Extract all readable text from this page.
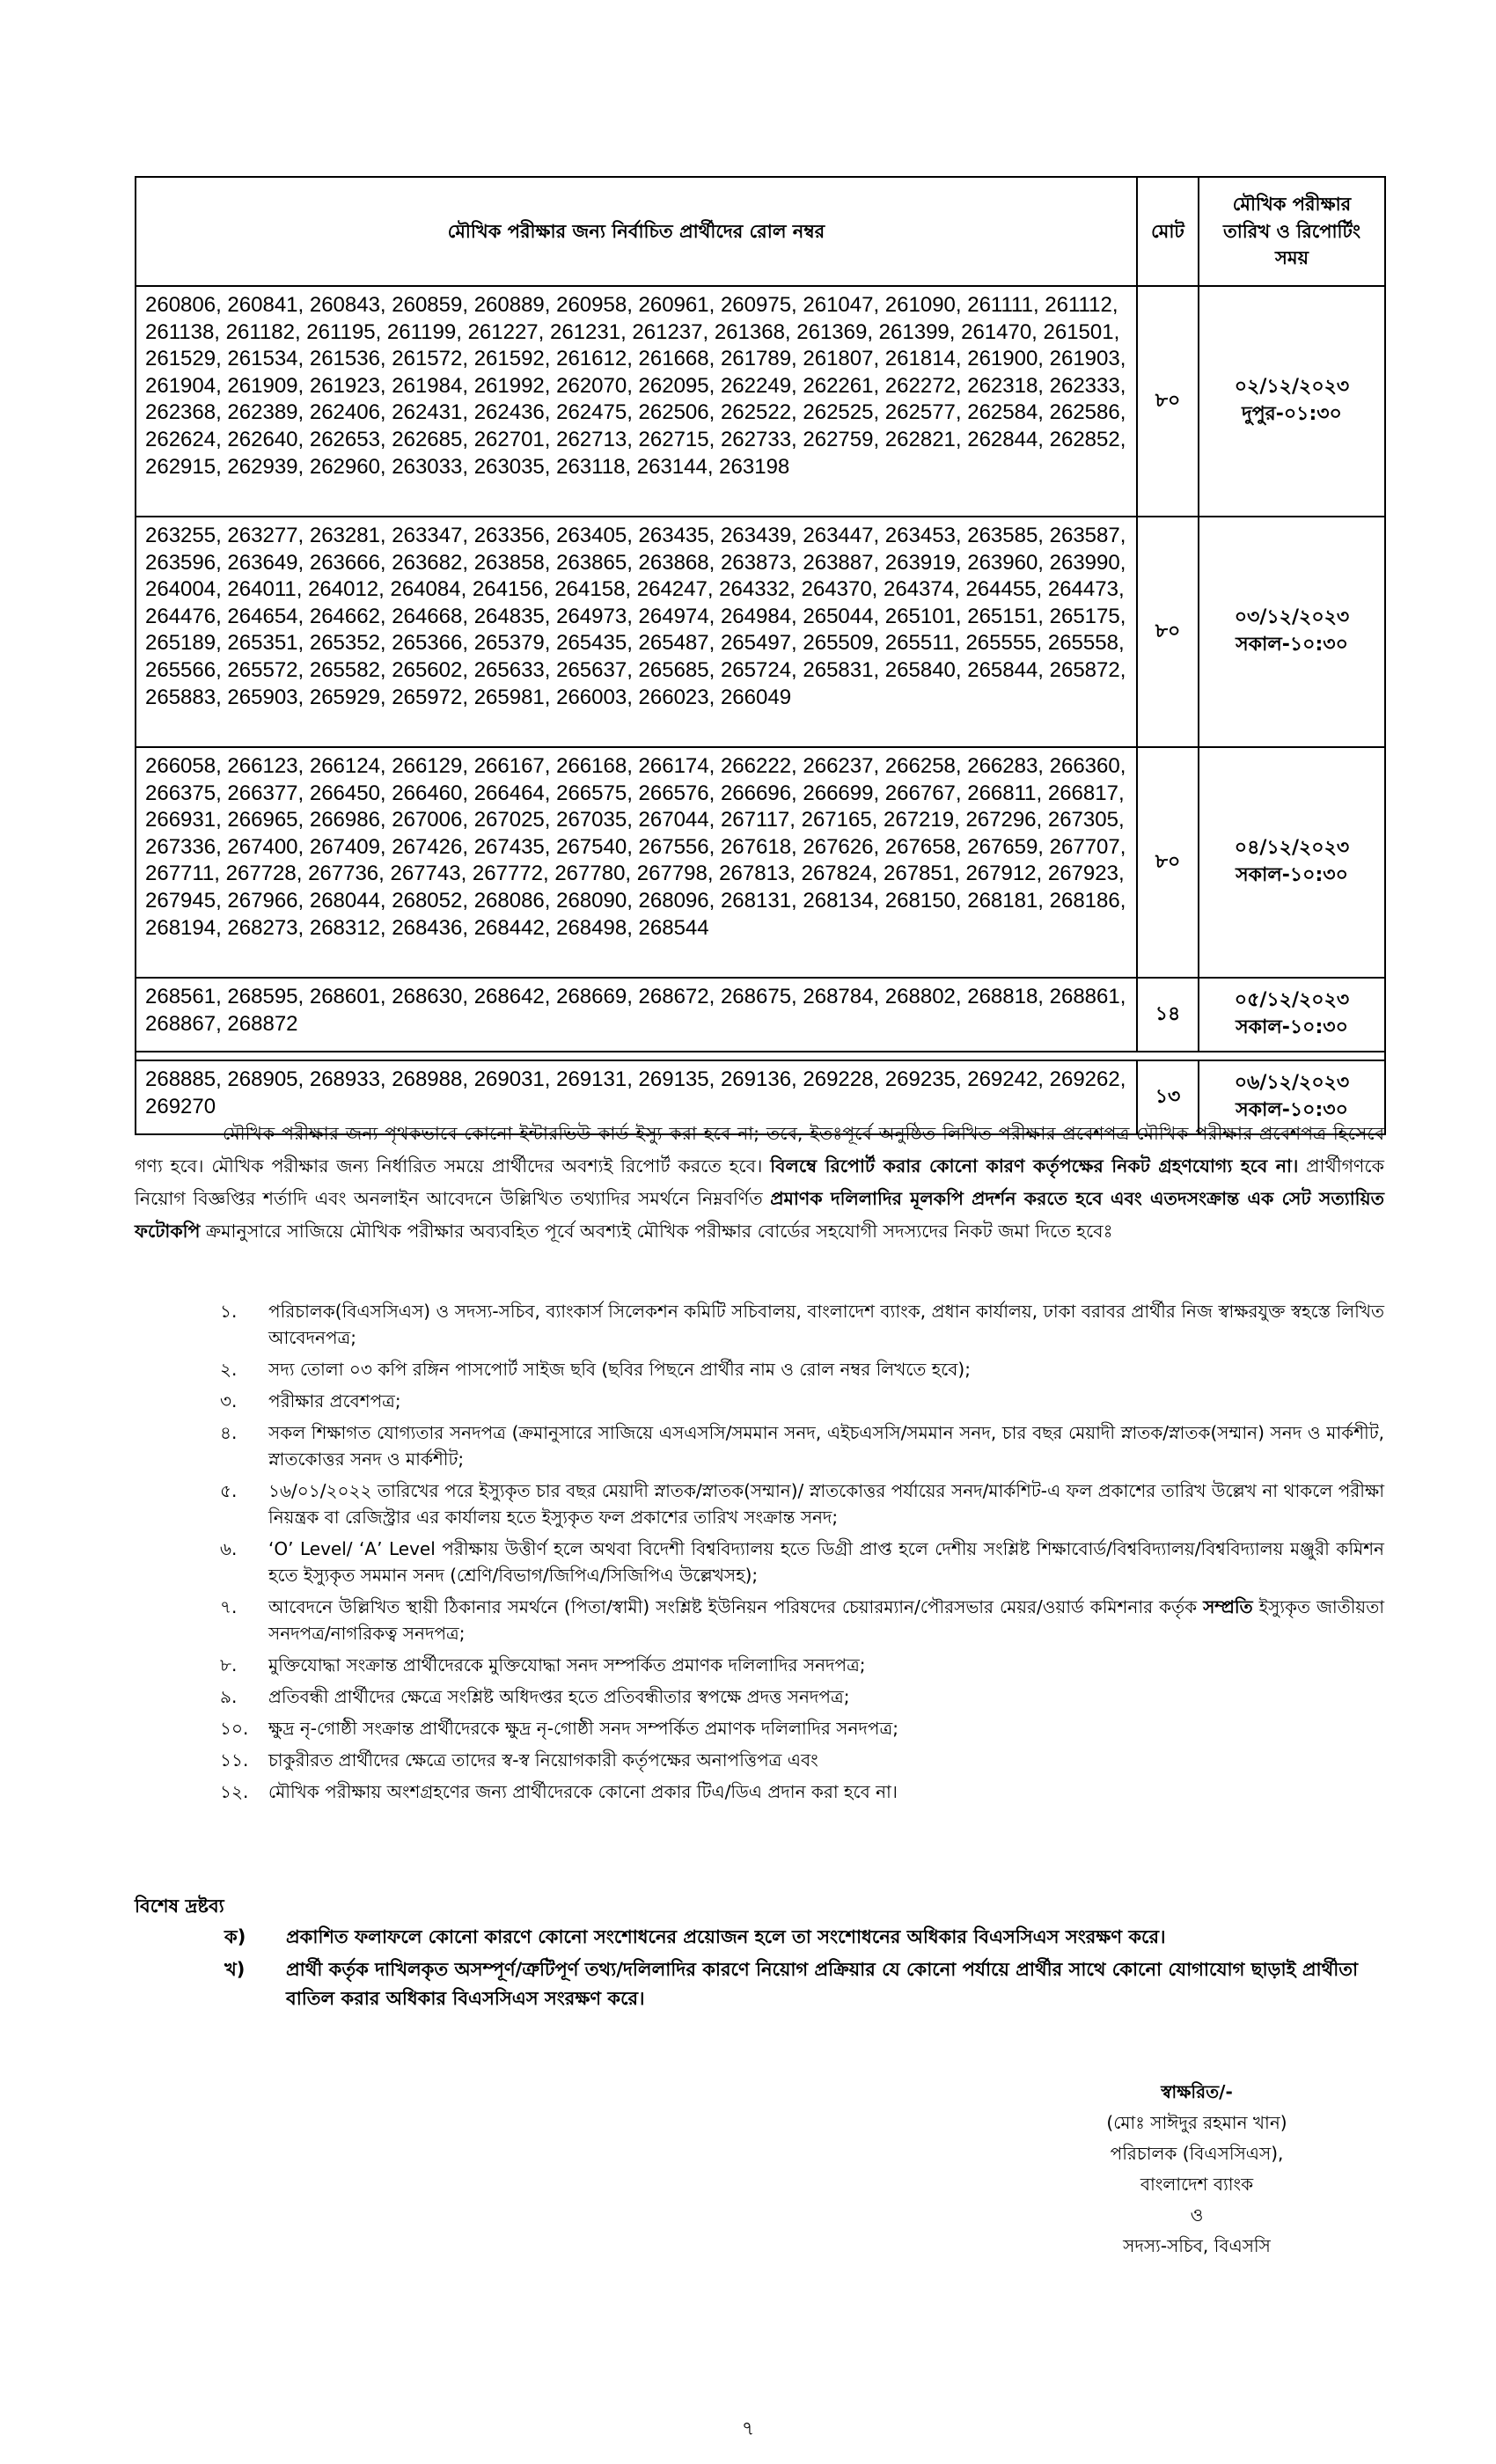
মৌখিক পরীক্ষার জন্য নির্বাচিত প্রার্থীদের রোল নম্বর	মোট	মৌখিক পরীক্ষার
তারিখ ও রিপোর্টিং
সময়

260806, 260841, 260843, 260859, 260889, 260958, 260961, 260975, 261047, 261090, 261111, 261112, 261138, 261182, 261195, 261199, 261227, 261231, 261237, 261368, 261369, 261399, 261470, 261501, 261529, 261534, 261536, 261572, 261592, 261612, 261668, 261789, 261807, 261814, 261900, 261903, 261904, 261909, 261923, 261984, 261992, 262070, 262095, 262249, 262261, 262272, 262318, 262333, 262368, 262389, 262406, 262431, 262436, 262475, 262506, 262522, 262525, 262577, 262584, 262586, 262624, 262640, 262653, 262685, 262701, 262713, 262715, 262733, 262759, 262821, 262844, 262852, 262915, 262939, 262960, 263033, 263035, 263118, 263144, 263198	৮০	০২/১২/২০২৩
দুপুর-০১:৩০

263255, 263277, 263281, 263347, 263356, 263405, 263435, 263439, 263447, 263453, 263585, 263587, 263596, 263649, 263666, 263682, 263858, 263865, 263868, 263873, 263887, 263919, 263960, 263990, 264004, 264011, 264012, 264084, 264156, 264158, 264247, 264332, 264370, 264374, 264455, 264473, 264476, 264654, 264662, 264668, 264835, 264973, 264974, 264984, 265044, 265101, 265151, 265175, 265189, 265351, 265352, 265366, 265379, 265435, 265487, 265497, 265509, 265511, 265555, 265558, 265566, 265572, 265582, 265602, 265633, 265637, 265685, 265724, 265831, 265840, 265844, 265872, 265883, 265903, 265929, 265972, 265981, 266003, 266023, 266049	৮০	০৩/১২/২০২৩
সকাল-১০:৩০

266058, 266123, 266124, 266129, 266167, 266168, 266174, 266222, 266237, 266258, 266283, 266360, 266375, 266377, 266450, 266460, 266464, 266575, 266576, 266696, 266699, 266767, 266811, 266817, 266931, 266965, 266986, 267006, 267025, 267035, 267044, 267117, 267165, 267219, 267296, 267305, 267336, 267400, 267409, 267426, 267435, 267540, 267556, 267618, 267626, 267658, 267659, 267707, 267711, 267728, 267736, 267743, 267772, 267780, 267798, 267813, 267824, 267851, 267912, 267923, 267945, 267966, 268044, 268052, 268086, 268090, 268096, 268131, 268134, 268150, 268181, 268186, 268194, 268273, 268312, 268436, 268442, 268498, 268544	৮০	০৪/১২/২০২৩
সকাল-১০:৩০

268561, 268595, 268601, 268630, 268642, 268669, 268672, 268675, 268784, 268802, 268818, 268861, 268867, 268872	১৪	০৫/১২/২০২৩
সকাল-১০:৩০

268885, 268905, 268933, 268988, 269031, 269131, 269135, 269136, 269228, 269235, 269242, 269262, 269270	১৩	০৬/১২/২০২৩
সকাল-১০:৩০

মৌখিক পরীক্ষার জন্য পৃথকভাবে কোনো ইন্টারভিউ কার্ড ইস্যু করা হবে না; তবে, ইতঃপূর্বে অনুষ্ঠিত লিখিত পরীক্ষার প্রবেশপত্র মৌখিক পরীক্ষার প্রবেশপত্র হিসেবে গণ্য হবে। মৌখিক পরীক্ষার জন্য নির্ধারিত সময়ে প্রার্থীদের অবশ্যই রিপোর্ট করতে হবে। বিলম্বে রিপোর্ট করার কোনো কারণ কর্তৃপক্ষের নিকট গ্রহণযোগ্য হবে না। প্রার্থীগণকে নিয়োগ বিজ্ঞপ্তির শর্তাদি এবং অনলাইন আবেদনে উল্লিখিত তথ্যাদির সমর্থনে নিম্নবর্ণিত প্রমাণক দলিলাদির মূলকপি প্রদর্শন করতে হবে এবং এতদসংক্রান্ত এক সেট সত্যায়িত ফটোকপি ক্রমানুসারে সাজিয়ে মৌখিক পরীক্ষার অব্যবহিত পূর্বে অবশ্যই মৌখিক পরীক্ষার বোর্ডের সহযোগী সদস্যদের নিকট জমা দিতে হবেঃ

১. পরিচালক(বিএসসিএস) ও সদস্য-সচিব, ব্যাংকার্স সিলেকশন কমিটি সচিবালয়, বাংলাদেশ ব্যাংক, প্রধান কার্যালয়, ঢাকা বরাবর প্রার্থীর নিজ স্বাক্ষরযুক্ত স্বহস্তে লিখিত আবেদনপত্র;
২. সদ্য তোলা ০৩ কপি রঙ্গিন পাসপোর্ট সাইজ ছবি (ছবির পিছনে প্রার্থীর নাম ও রোল নম্বর লিখতে হবে);
৩. পরীক্ষার প্রবেশপত্র;
৪. সকল শিক্ষাগত যোগ্যতার সনদপত্র (ক্রমানুসারে সাজিয়ে এসএসসি/সমমান সনদ, এইচএসসি/সমমান সনদ, চার বছর মেয়াদী স্নাতক/স্নাতক(সম্মান) সনদ ও মার্কশীট, স্নাতকোত্তর সনদ ও মার্কশীট;
৫. ১৬/০১/২০২২ তারিখের পরে ইস্যুকৃত চার বছর মেয়াদী স্নাতক/স্নাতক(সম্মান)/ স্নাতকোত্তর পর্যায়ের সনদ/মার্কশিট-এ ফল প্রকাশের তারিখ উল্লেখ না থাকলে পরীক্ষা নিয়ন্ত্রক বা রেজিস্ট্রার এর কার্যালয় হতে ইস্যুকৃত ফল প্রকাশের তারিখ সংক্রান্ত সনদ;
৬. ‘O’ Level/ ‘A’ Level পরীক্ষায় উত্তীর্ণ হলে অথবা বিদেশী বিশ্ববিদ্যালয় হতে ডিগ্রী প্রাপ্ত হলে দেশীয় সংশ্লিষ্ট শিক্ষাবোর্ড/বিশ্ববিদ্যালয়/বিশ্ববিদ্যালয় মঞ্জুরী কমিশন হতে ইস্যুকৃত সমমান সনদ (শ্রেণি/বিভাগ/জিপিএ/সিজিপিএ উল্লেখসহ);
৭. আবেদনে উল্লিখিত স্থায়ী ঠিকানার সমর্থনে (পিতা/স্বামী) সংশ্লিষ্ট ইউনিয়ন পরিষদের চেয়ারম্যান/পৌরসভার মেয়র/ওয়ার্ড কমিশনার কর্তৃক সম্প্রতি ইস্যুকৃত জাতীয়তা সনদপত্র/নাগরিকত্ব সনদপত্র;
৮. মুক্তিযোদ্ধা সংক্রান্ত প্রার্থীদেরকে মুক্তিযোদ্ধা সনদ সম্পর্কিত প্রমাণক দলিলাদির সনদপত্র;
৯. প্রতিবন্ধী প্রার্থীদের ক্ষেত্রে সংশ্লিষ্ট অধিদপ্তর হতে প্রতিবন্ধীতার স্বপক্ষে প্রদত্ত সনদপত্র;
১০. ক্ষুদ্র নৃ-গোষ্ঠী সংক্রান্ত প্রার্থীদেরকে ক্ষুদ্র নৃ-গোষ্ঠী সনদ সম্পর্কিত প্রমাণক দলিলাদির সনদপত্র;
১১. চাকুরীরত প্রার্থীদের ক্ষেত্রে তাদের স্ব-স্ব নিয়োগকারী কর্তৃপক্ষের অনাপত্তিপত্র এবং
১২. মৌখিক পরীক্ষায় অংশগ্রহণের জন্য প্রার্থীদেরকে কোনো প্রকার টিএ/ডিএ প্রদান করা হবে না।
বিশেষ দ্রষ্টব্য
ক) প্রকাশিত ফলাফলে কোনো কারণে কোনো সংশোধনের প্রয়োজন হলে তা সংশোধনের অধিকার বিএসসিএস সংরক্ষণ করে।
খ) প্রার্থী কর্তৃক দাখিলকৃত অসম্পূর্ণ/ত্রুটিপূর্ণ তথ্য/দলিলাদির কারণে নিয়োগ প্রক্রিয়ার যে কোনো পর্যায়ে প্রার্থীর সাথে কোনো যোগাযোগ ছাড়াই প্রার্থীতা বাতিল করার অধিকার বিএসসিএস সংরক্ষণ করে।
স্বাক্ষরিত/-
(মোঃ সাঈদুর রহমান খান)
পরিচালক (বিএসসিএস),
বাংলাদেশ ব্যাংক
ও
সদস্য-সচিব, বিএসসি
৭
